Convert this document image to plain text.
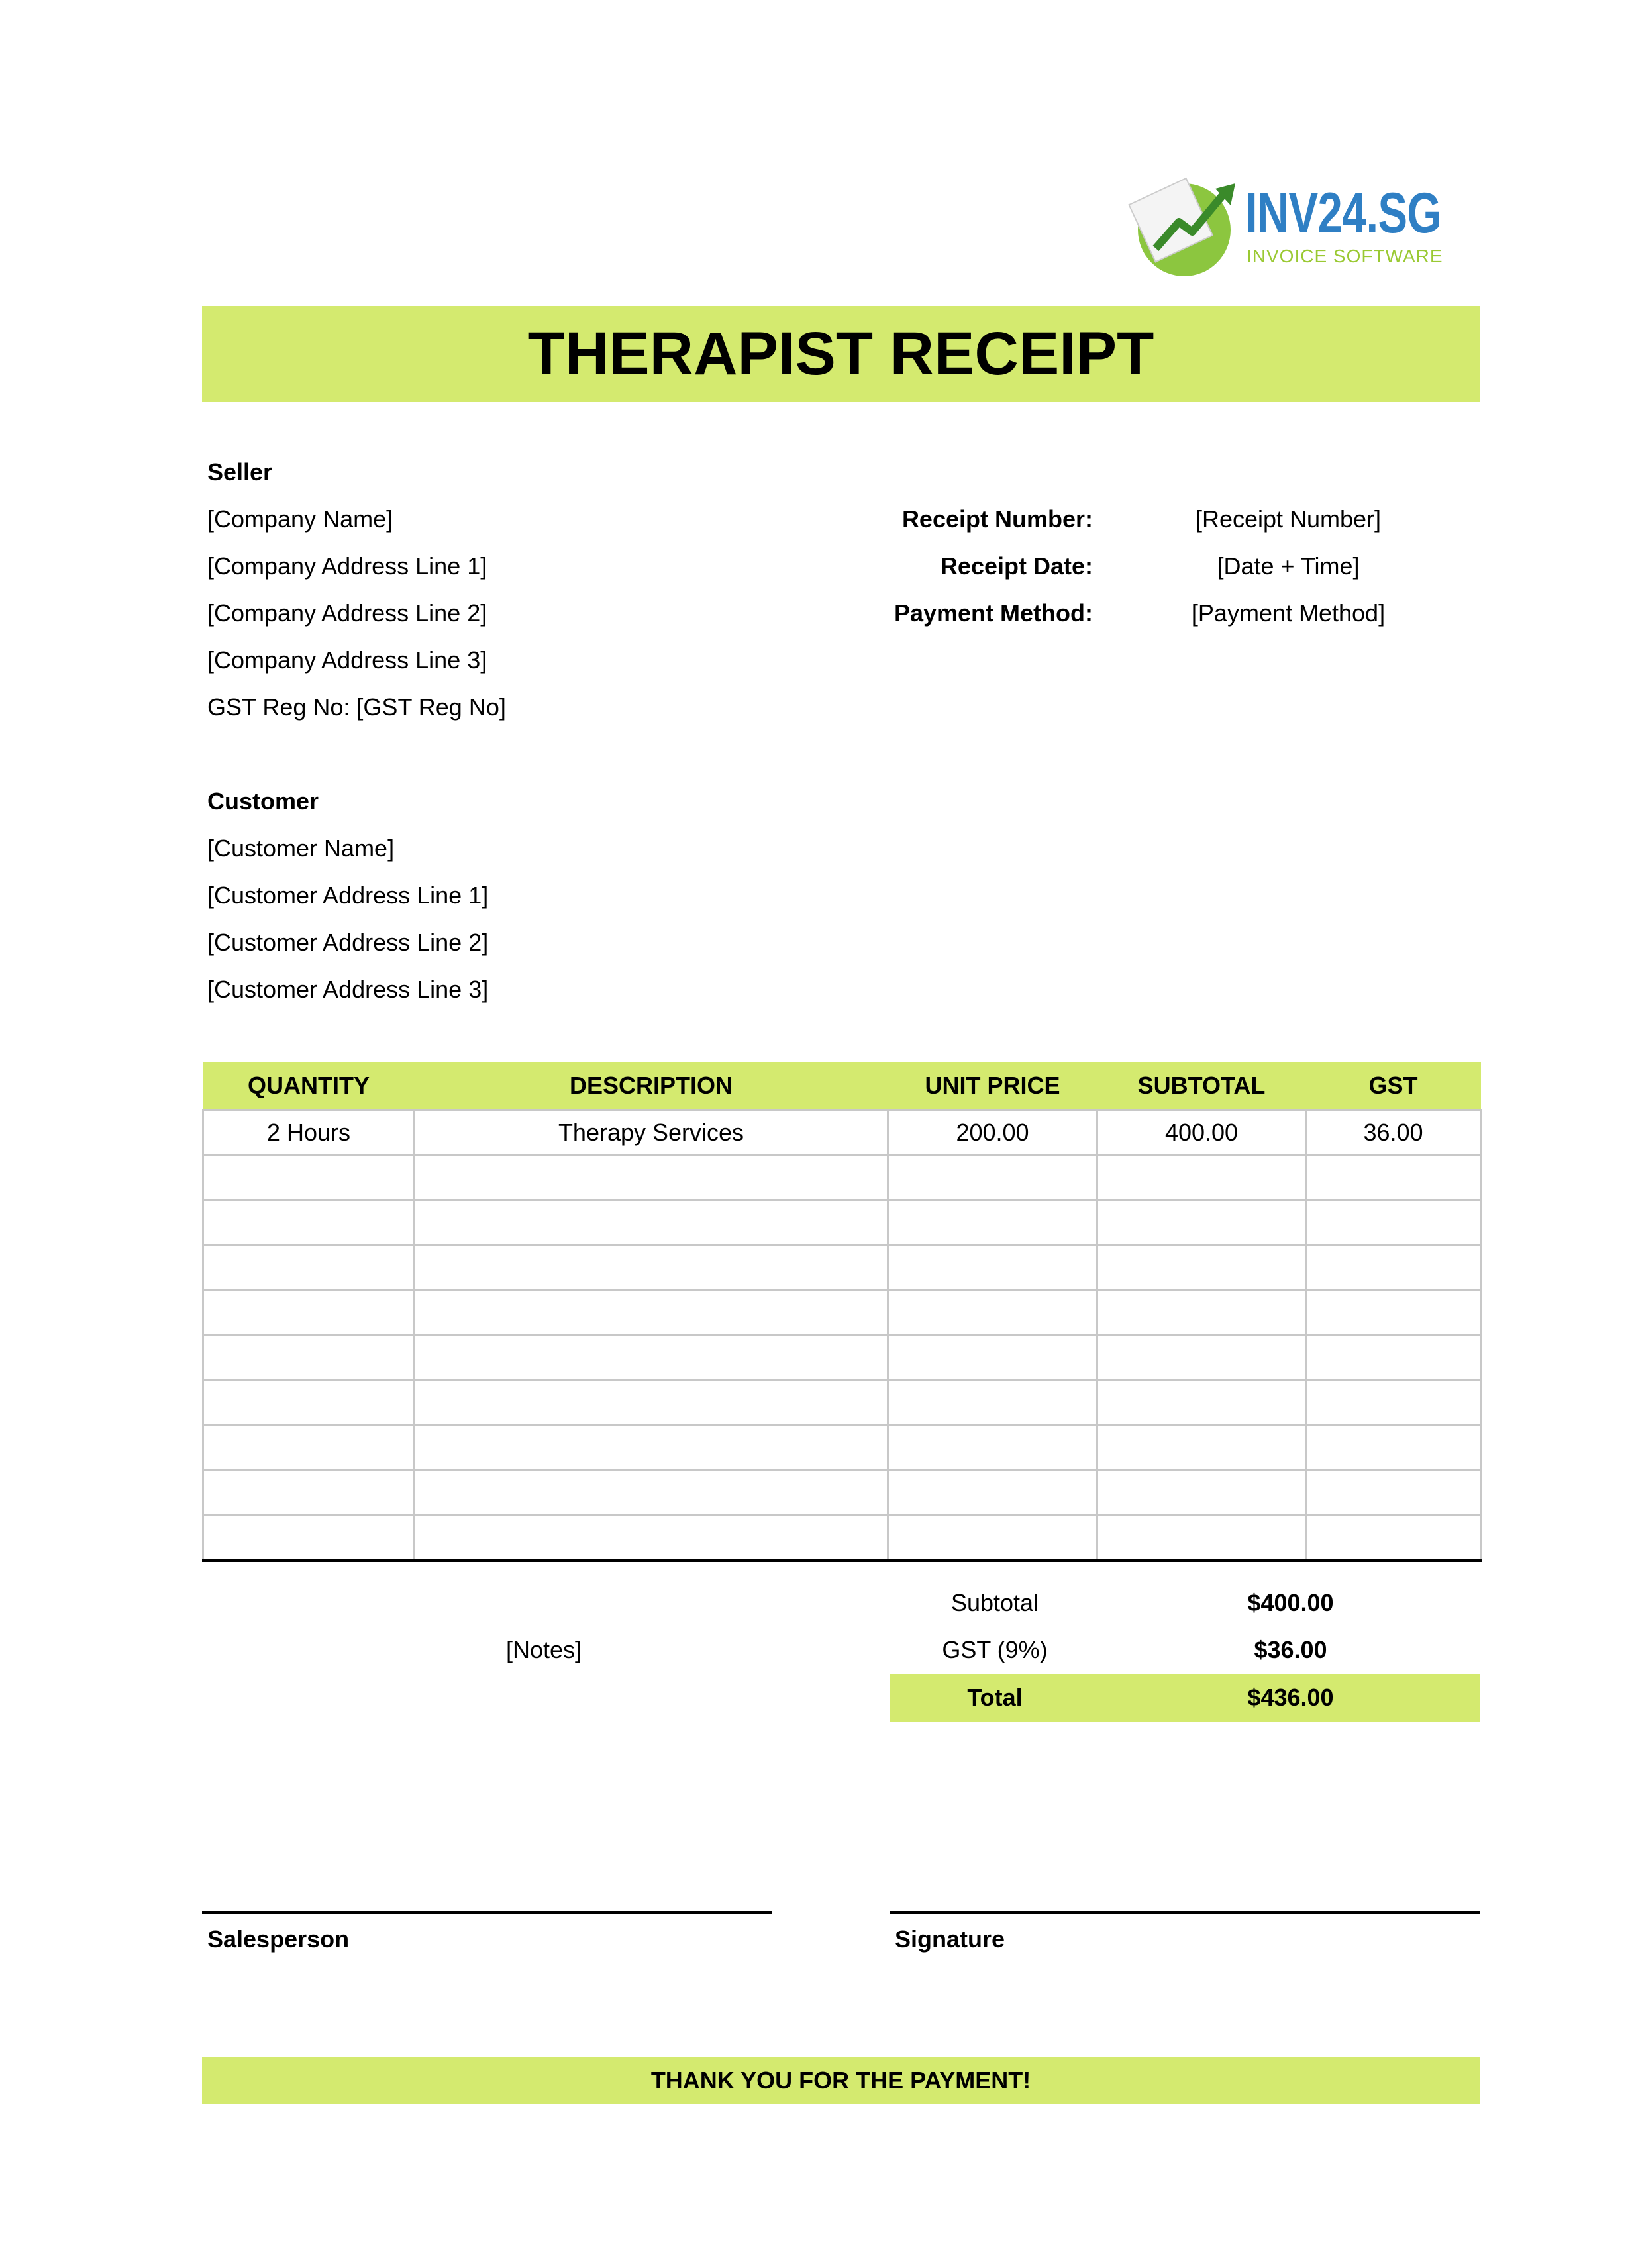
INV24.SG
INVOICE SOFTWARE
THERAPIST RECEIPT
Seller
[Company Name]
[Company Address Line 1]
[Company Address Line 2]
[Company Address Line 3]
GST Reg No: [GST Reg No]
Receipt Number:	[Receipt Number]
Receipt Date:	[Date + Time]
Payment Method:	[Payment Method]
Customer
[Customer Name]
[Customer Address Line 1]
[Customer Address Line 2]
[Customer Address Line 3]
QUANTITY	DESCRIPTION	UNIT PRICE	SUBTOTAL	GST
2 Hours	Therapy Services	200.00	400.00	36.00

[Notes]
Subtotal	$400.00
GST (9%)	$36.00
Total	$436.00
Salesperson	Signature
THANK YOU FOR THE PAYMENT!
